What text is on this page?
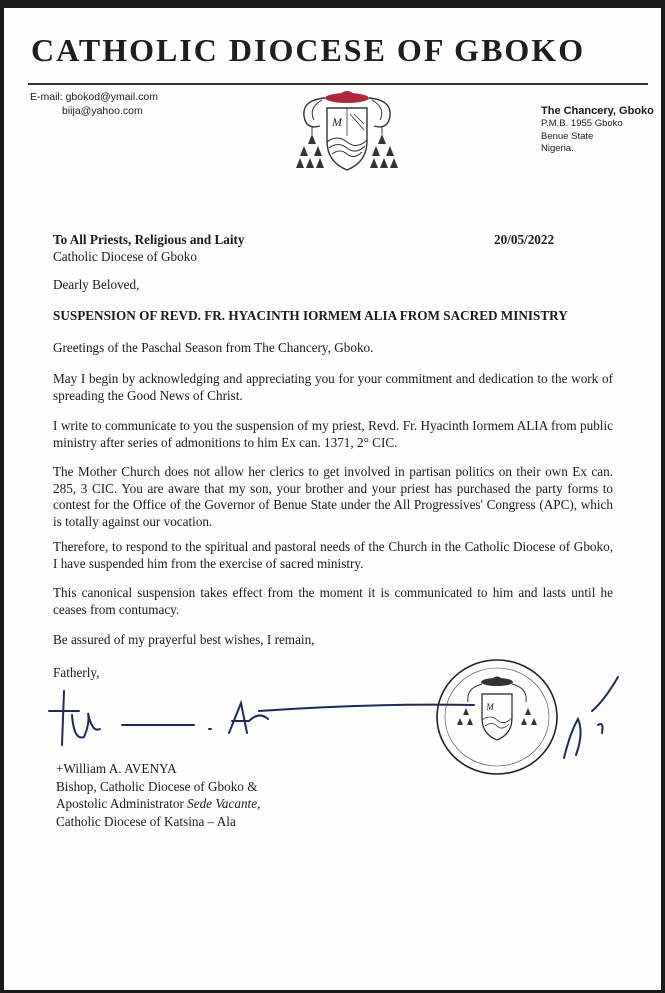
CATHOLIC DIOCESE OF GBOKO
E-mail: gbokod@ymail.com
biija@yahoo.com
M
The Chancery, Gboko
P.M.B. 1955 Gboko
Benue State
Nigeria.
To All Priests, Religious and Laity
Catholic Diocese of Gboko
20/05/2022
Dearly Beloved,
SUSPENSION OF REVD. FR. HYACINTH IORMEM ALIA FROM SACRED MINISTRY
Greetings of the Paschal Season from The Chancery, Gboko.
May I begin by acknowledging and appreciating you for your commitment and dedication to the work of spreading the Good News of Christ.
I write to communicate to you the suspension of my priest, Revd. Fr. Hyacinth Iormem ALIA from public ministry after series of admonitions to him Ex can. 1371, 2° CIC.
The Mother Church does not allow her clerics to get involved in partisan politics on their own Ex can. 285, 3 CIC. You are aware that my son, your brother and your priest has purchased the party forms to contest for the Office of the Governor of Benue State under the All Progressives' Congress (APC), which is totally against our vocation.
Therefore, to respond to the spiritual and pastoral needs of the Church in the Catholic Diocese of Gboko, I have suspended him from the exercise of sacred ministry.
This canonical suspension takes effect from the moment it is communicated to him and lasts until he ceases from contumacy.
Be assured of my prayerful best wishes, I remain,
Fatherly,
M
+William A. AVENYA
Bishop, Catholic Diocese of Gboko &
Apostolic Administrator Sede Vacante,
Catholic Diocese of Katsina – Ala
